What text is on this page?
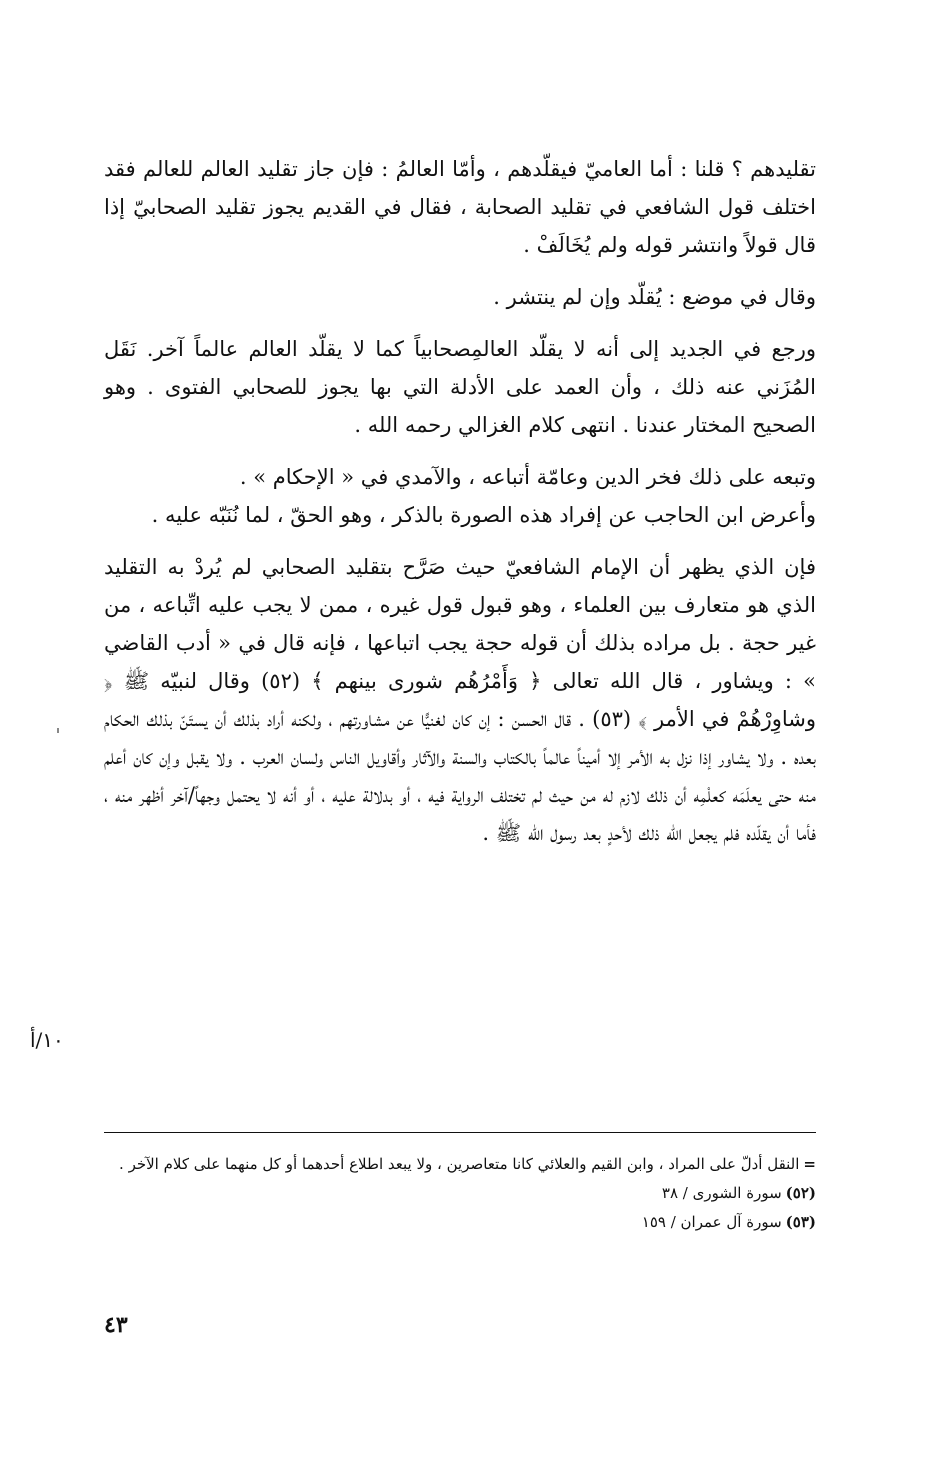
تقليدهم ؟ قلنا : أما العاميّ فيقلّدهم ، وأمّا العالمُ : فإن جاز تقليد العالم للعالم فقد اختلف قول الشافعي في تقليد الصحابة ، فقال في القديم يجوز تقليد الصحابيّ إذا قال قولاً وانتشر قوله ولم يُخَالَفْ .

وقال في موضع : يُقلّد وإن لم ينتشر .

ورجع في الجديد إلى أنه لا يقلّد العالمِصحابياً كما لا يقلّد العالم عالماً آخر. نَقَل المُزَني عنه ذلك ، وأن العمد على الأدلة التي بها يجوز للصحابي الفتوى . وهو الصحيح المختار عندنا . انتهى كلام الغزالي رحمه الله .

وتبعه على ذلك فخر الدين وعامّة أتباعه ، والآمدي في « الإحكام » .

وأعرض ابن الحاجب عن إفراد هذه الصورة بالذكر ، وهو الحقّ ، لما نُنَبّه عليه .

فإن الذي يظهر أن الإمام الشافعيّ حيث صَرَّح بتقليد الصحابي لم يُردْ به التقليد الذي هو متعارف بين العلماء ، وهو قبول قول غيره ، ممن لا يجب عليه اتِّباعه ، من غير حجة . بل مراده بذلك أن قوله حجة يجب اتباعها ، فإنه قال في « أدب القاضي » : ويشاور ، قال الله تعالى ﴿ وَأَمْرُهُم شورى بينهم ﴾ (٥٢) وقال لنبيّه ﷺ ﴿ وشاوِرْهُمْ في الأمر ﴾ (٥٣) . قال الحسن : إن كان لغنيًّا عن مشاورتهم ، ولكنه أراد بذلك أن يستَنّ بذلك الحكام بعده . ولا يشاور إذا نزل به الأمر إلا أميناً عالماً بالكتاب والسنة والآثار وأقاويل الناس ولسان العرب . ولا يقبل وإن كان أعلم منه حتى يعلَمَه كعلْمِه أن ذلك لازم له من حيث لم تختلف الرواية فيه ، أو بدلالة عليه ، أو أنه لا يحتمل وجهاً/آخر أظهر منه ، فأما أن يقلّده فلم يجعل الله ذلك لأحدٍ بعد رسول الله ﷺ .

١٠/أ

=النقل أدلّ على المراد ، وابن القيم والعلائي كانا متعاصرين ، ولا يبعد اطلاع أحدهما أو كل منهما على كلام الآخر .

(٥٢)سورة الشورى / ٣٨

(٥٣)سورة آل عمران / ١٥٩

٤٣
